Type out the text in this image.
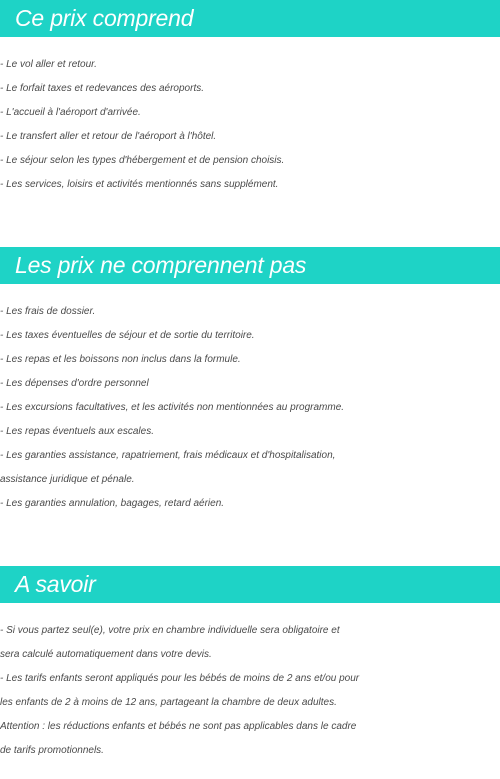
Ce prix comprend
- Le vol aller et retour.
- Le forfait taxes et redevances des aéroports.
- L'accueil à l'aéroport d'arrivée.
- Le transfert aller et retour de l'aéroport à l'hôtel.
- Le séjour selon les types d'hébergement et de pension choisis.
- Les services, loisirs et activités mentionnés sans supplément.
Les prix ne comprennent pas
- Les frais de dossier.
- Les taxes éventuelles de séjour et de sortie du territoire.
- Les repas et les boissons non inclus dans la formule.
- Les dépenses d'ordre personnel
- Les excursions facultatives, et les activités non mentionnées au programme.
- Les repas éventuels aux escales.
- Les garanties assistance, rapatriement, frais médicaux et d'hospitalisation,
assistance juridique et pénale.
- Les garanties annulation, bagages, retard aérien.
A savoir
- Si vous partez seul(e), votre prix en chambre individuelle sera obligatoire et
sera calculé automatiquement dans votre devis.
- Les tarifs enfants seront appliqués pour les bébés de moins de 2 ans et/ou pour
les enfants de 2 à moins de 12 ans, partageant la chambre de deux adultes.
Attention : les réductions enfants et bébés ne sont pas applicables dans le cadre
de tarifs promotionnels.
